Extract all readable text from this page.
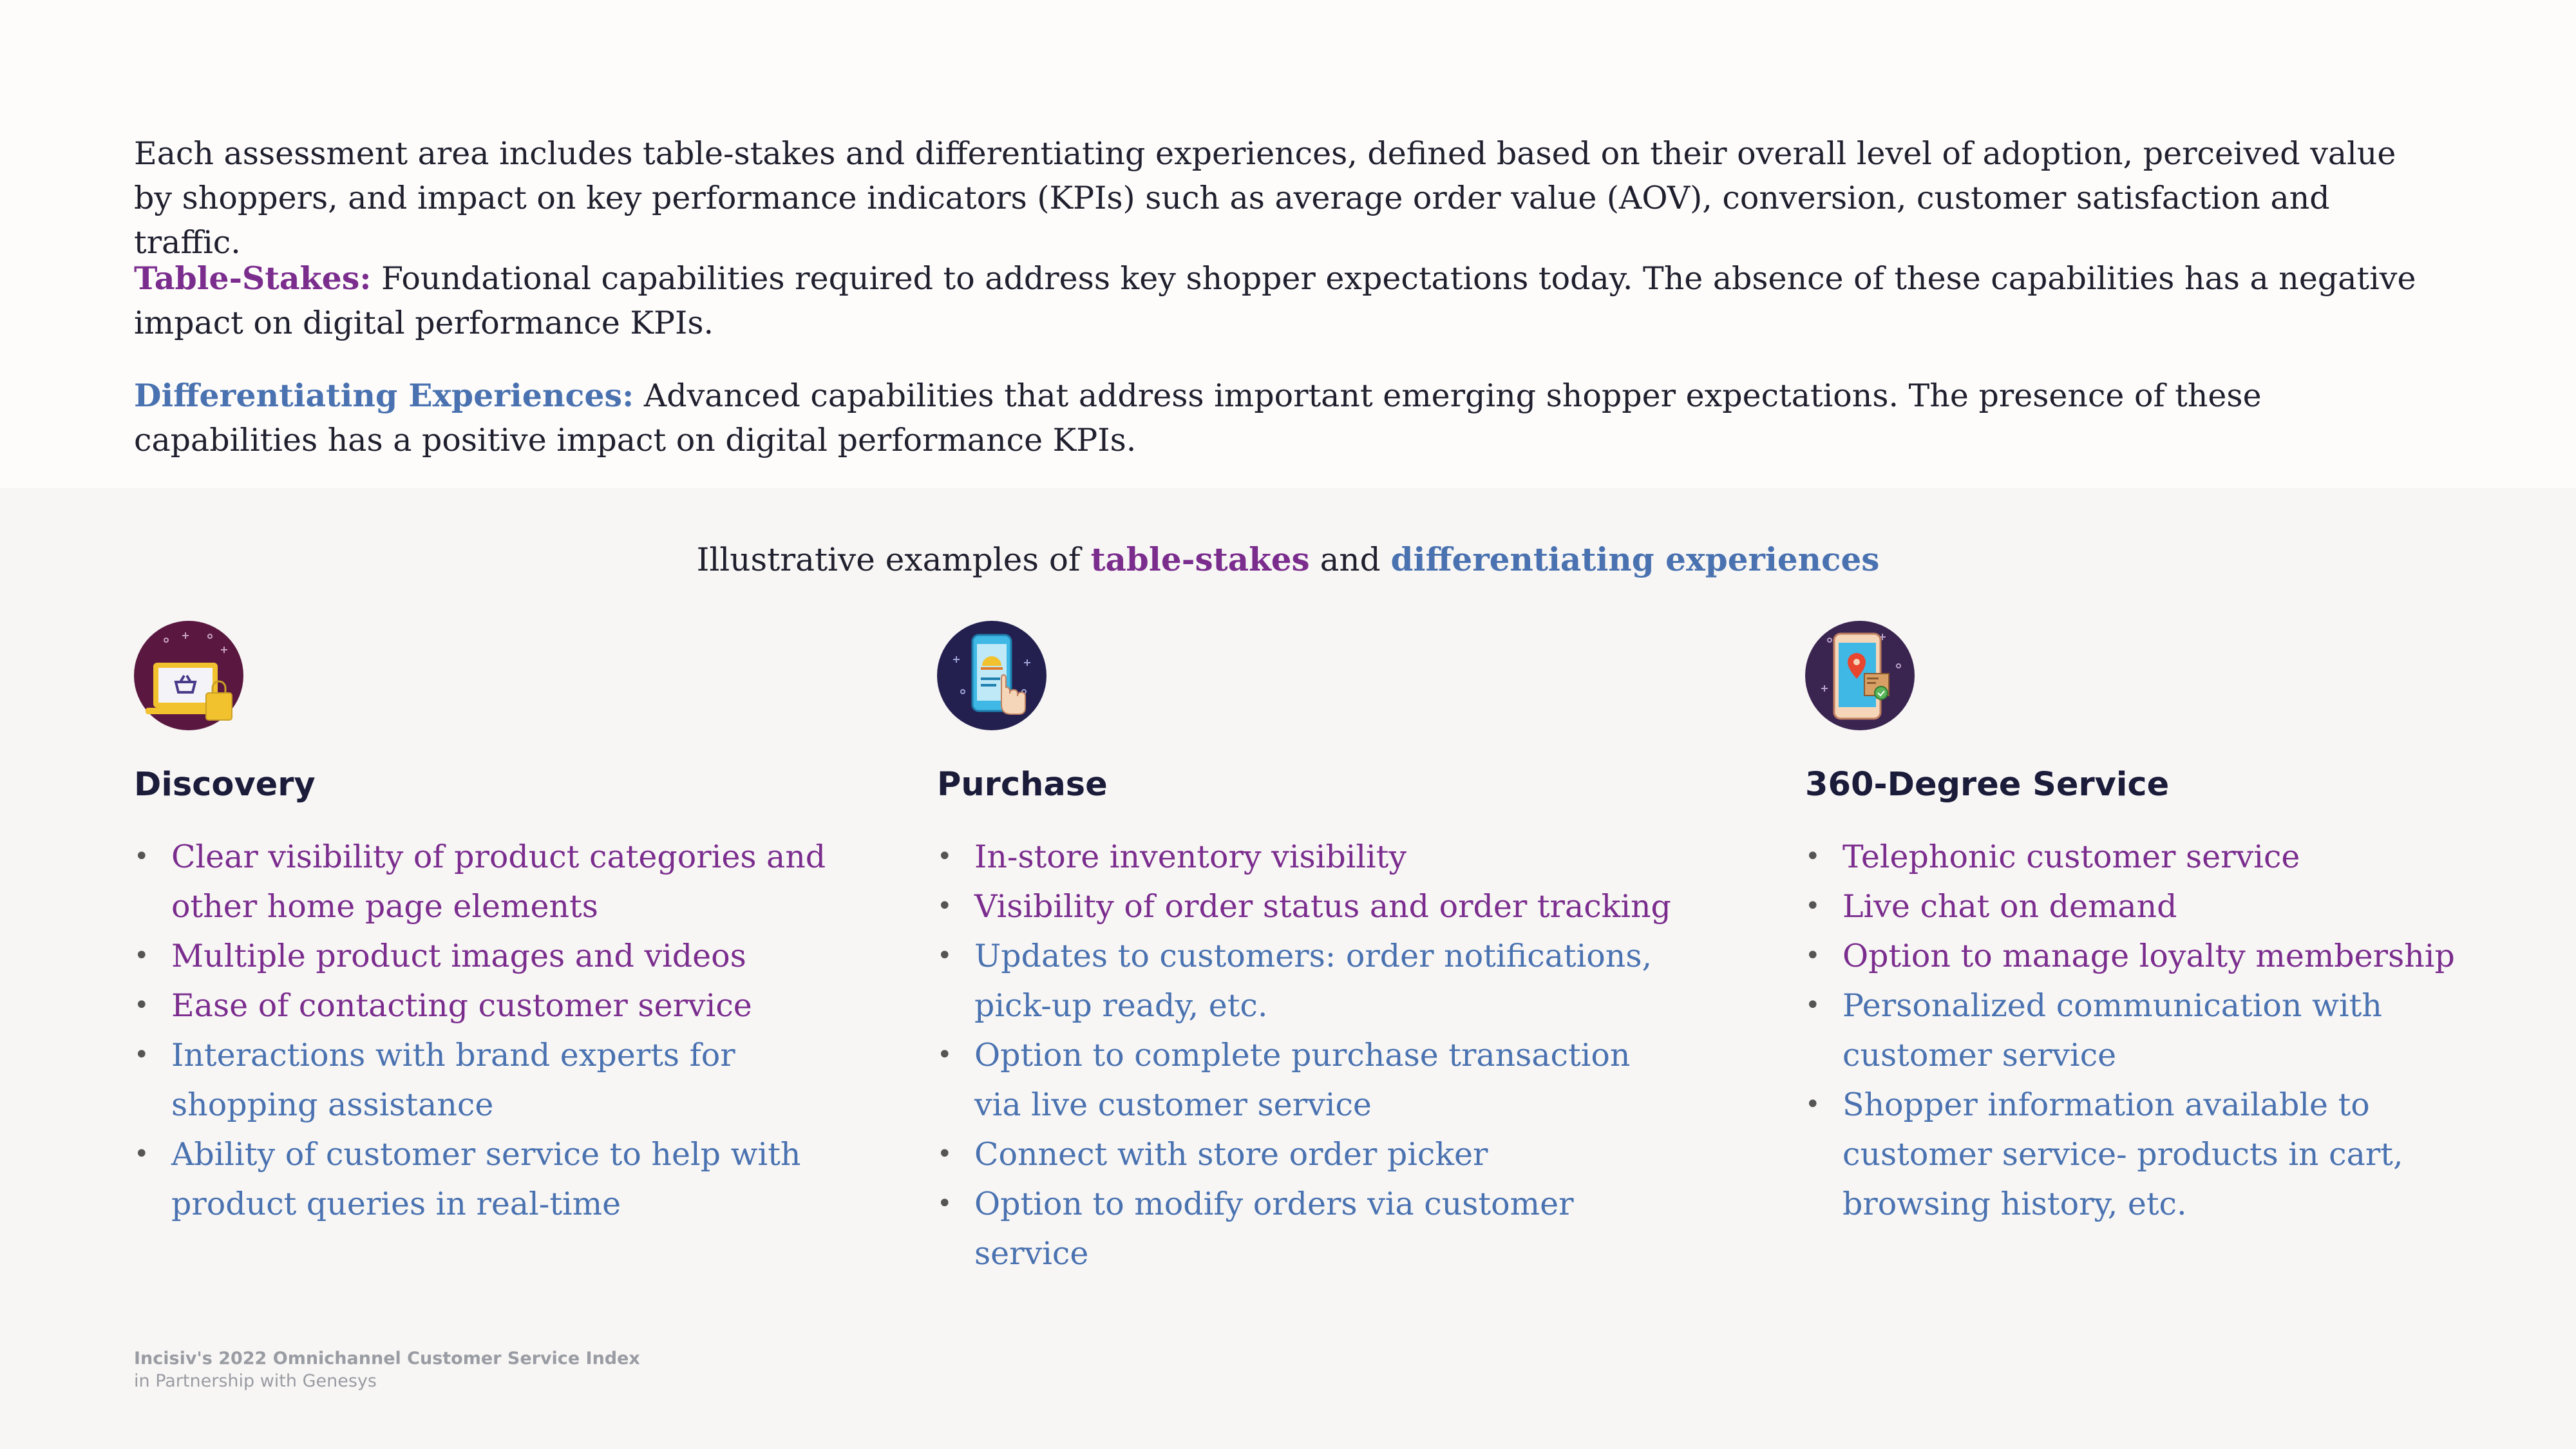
Each assessment area includes table-stakes and differentiating experiences, defined based on their overall level of adoption, perceived value by shoppers, and impact on key performance indicators (KPIs) such as average order value (AOV), conversion, customer satisfaction and traffic.

Table-Stakes: Foundational capabilities required to address key shopper expectations today. The absence of these capabilities has a negative impact on digital performance KPIs.

Differentiating Experiences: Advanced capabilities that address important emerging shopper expectations. The presence of these capabilities has a positive impact on digital performance KPIs.

Illustrative examples of table-stakes and differentiating experiences
Discovery
• Clear visibility of product categories and other home page elements
• Multiple product images and videos
• Ease of contacting customer service
• Interactions with brand experts for shopping assistance
• Ability of customer service to help with product queries in real-time
Purchase
• In-store inventory visibility
• Visibility of order status and order tracking
• Updates to customers: order notifications, pick-up ready, etc.
• Option to complete purchase transaction via live customer service
• Connect with store order picker
• Option to modify orders via customer service
360-Degree Service
• Telephonic customer service
• Live chat on demand
• Option to manage loyalty membership
• Personalized communication with customer service
• Shopper information available to customer service- products in cart, browsing history, etc.
Incisiv's 2022 Omnichannel Customer Service Index
in Partnership with Genesys
